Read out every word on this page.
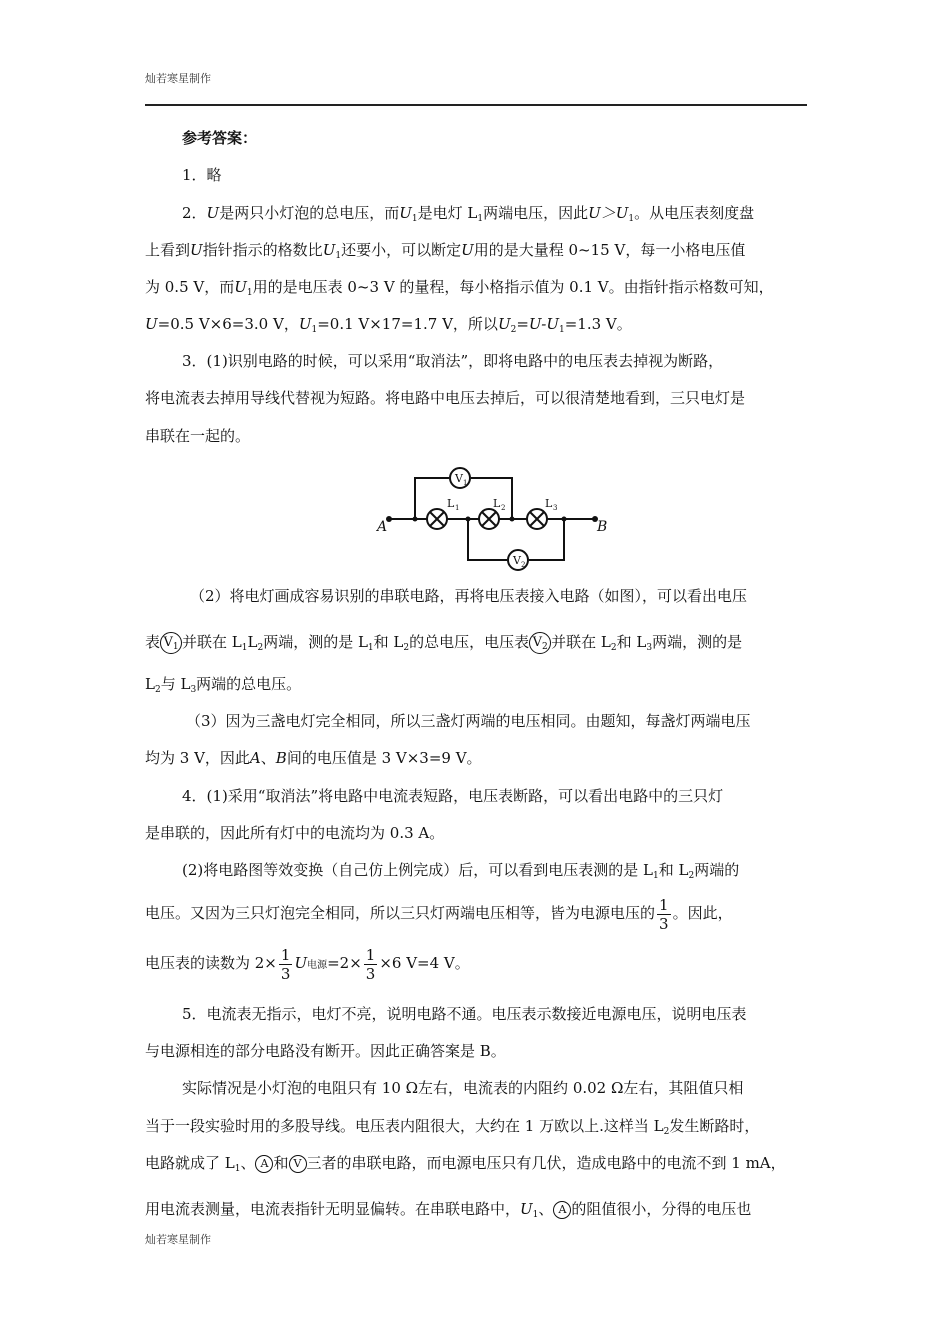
灿若寒星制作
参考答案：
1．略
2．U是两只小灯泡的总电压，而$U_1$是电灯 $L_1$两端电压，因此$U>U_1$。从电压表刻度盘
上看到U指针指示的格数比$U_1$还要小，可以断定U用的是大量程 0~15 V，每一小格电压值
为 0.5 V，而$U_1$用的是电压表 0~3 V 的量程，每小格指示值为 0.1 V。由指针指示格数可知，
U=0.5 V×6=3.0 V，$U_1=0.1$ V×17=1.7 V，所以$U_2=U-U_1=1.3$ V。
3．(1)识别电路的时候，可以采用“取消法”，即将电路中的电压表去掉视为断路，
将电流表去掉用导线代替视为短路。将电路中电压去掉后，可以很清楚地看到，三只电灯是
串联在一起的。
A	B
L 1	L 2	L 3
V 1
V 2
（2）将电灯画成容易识别的串联电路，再将电压表接入电路（如图），可以看出电压
表 $V_1$ 并联在 $L_1L_2$两端，测的是 $L_1$和 $L_2$的总电压，电压表 $V_2$ 并联在 $L_2$和 $L_3$两端，测的是
$L_2$与 $L_3$两端的总电压。
（3）因为三盏电灯完全相同，所以三盏灯两端的电压相同。由题知，每盏灯两端电压
均为 3 V，因此A、B间的电压值是 3 V×3=9 V。
4．(1)采用“取消法”将电路中电流表短路，电压表断路，可以看出电路中的三只灯
是串联的，因此所有灯中的电流均为 0.3 A。
(2)将电路图等效变换（自己仿上例完成）后，可以看到电压表测的是 $L_1$和 $L_2$两端的
电压。又因为三只灯泡完全相同，所以三只灯两端电压相等，皆为电源电压的 $\frac{1}{3}$ 。因此，
电压表的读数为 $2\times \frac{1}{3}$ U电源$=2\times \frac{1}{3} \times 6$ V=4 V。
5．电流表无指示，电灯不亮，说明电路不通。电压表示数接近电源电压，说明电压表
与电源相连的部分电路没有断开。因此正确答案是 B。
实际情况是小灯泡的电阻只有 10 Ω左右，电流表的内阻约 0.02 Ω左右，其阻值只相
当于一段实验时用的多股导线。电压表内阻很大，大约在 1 万欧以上.这样当 $L_2$发生断路时，
电路就成了 $L_1$、 A 和 V 三者的串联电路，而电源电压只有几伏，造成电路中的电流不到 1 mA，
用电流表测量，电流表指针无明显偏转。在串联电路中，$U_1$、 A 的阻值很小，分得的电压也
灿若寒星制作
